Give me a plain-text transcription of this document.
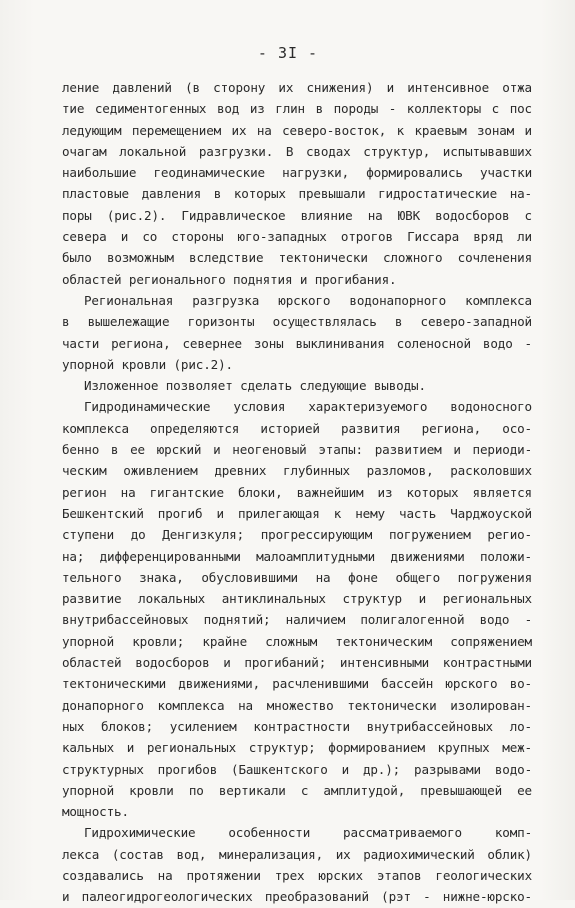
- 3I -
ление давлений (в сторону их снижения) и интенсивное отжа
тие седиментогенных вод из глин в породы - коллекторы с пос
ледующим перемещением их на северо-восток, к краевым зонам и
очагам локальной разгрузки. В сводах структур, испытывавших
наибольшие геодинамические нагрузки, формировались участки
пластовые давления в которых превышали гидростатические на-
поры (рис.2). Гидравлическое влияние на ЮВК водосборов с
севера и со стороны юго-западных отрогов Гиссара вряд ли
было возможным вследствие тектонически сложного сочленения
областей регионального поднятия и прогибания.
Региональная разгрузка юрского водонапорного комплекса
в вышележащие горизонты осуществлялась в северо-западной
части региона, севернее зоны выклинивания соленосной водо -
упорной кровли (рис.2).
Изложенное позволяет сделать следующие выводы.
Гидродинамические условия характеризуемого водоносного
комплекса определяются историей развития региона, осо-
бенно в ее юрский и неогеновый этапы: развитием и периоди-
ческим оживлением древних глубинных разломов, расколовших
регион на гигантские блоки, важнейшим из которых является
Бешкентский прогиб и прилегающая к нему часть Чарджоуской
ступени до Денгизкуля; прогрессирующим погружением регио-
на; дифференцированными малоамплитудными движениями положи-
тельного знака, обусловившими на фоне общего погружения
развитие локальных антиклинальных структур и региональных
внутрибассейновых поднятий; наличием полигалогенной водо -
упорной кровли; крайне сложным тектоническим сопряжением
областей водосборов и прогибаний; интенсивными контрастными
тектоническими движениями, расчленившими бассейн юрского во-
донапорного комплекса на множество тектонически изолирован-
ных блоков; усилением контрастности внутрибассейновых ло-
кальных и региональных структур; формированием крупных меж-
структурных прогибов (Башкентского и др.); разрывами водо-
упорной кровли по вертикали с амплитудой, превышающей ее
мощность.
Гидрохимические особенности рассматриваемого комп-
лекса (состав вод, минерализация, их радиохимический облик)
создавались на протяжении трех юрских этапов геологических
и палеогидрогеологических преобразований (рэт - нижне-юрско-
